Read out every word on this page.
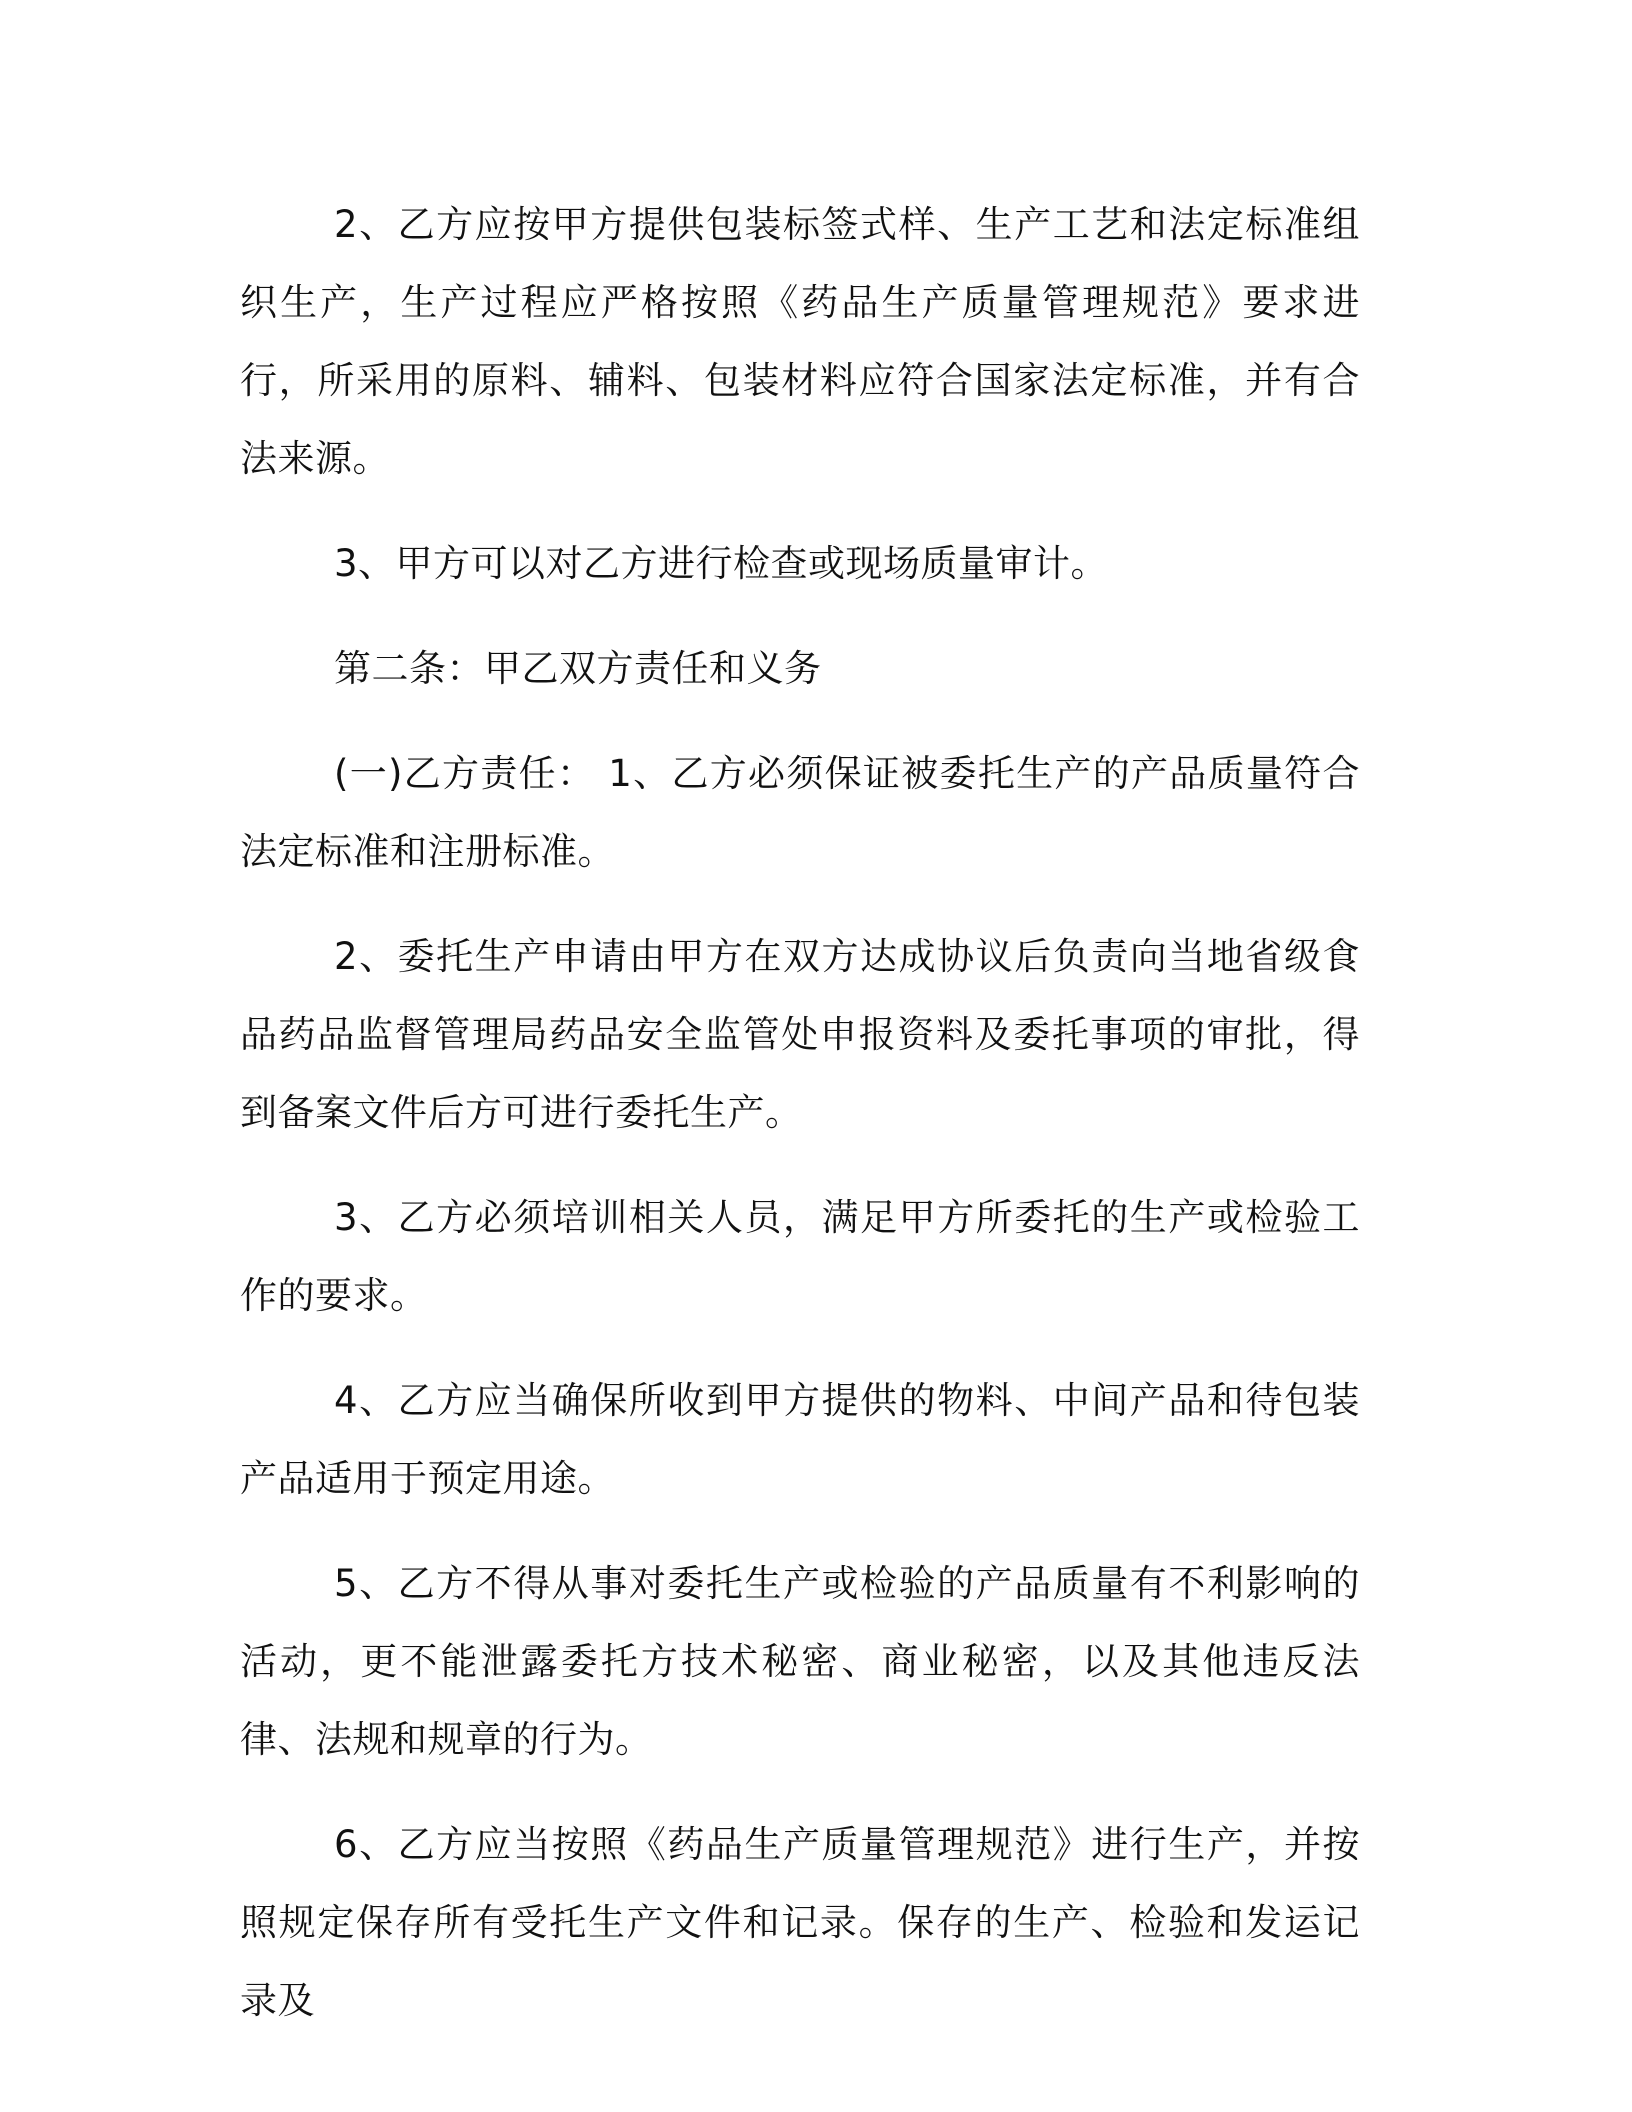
2、乙方应按甲方提供包装标签式样、生产工艺和法定标准组织生产，生产过程应严格按照《药品生产质量管理规范》要求进行，所采用的原料、辅料、包装材料应符合国家法定标准，并有合法来源。

3、甲方可以对乙方进行检查或现场质量审计。

第二条：甲乙双方责任和义务

(一)乙方责任： 1、乙方必须保证被委托生产的产品质量符合法定标准和注册标准。

2、委托生产申请由甲方在双方达成协议后负责向当地省级食品药品监督管理局药品安全监管处申报资料及委托事项的审批，得到备案文件后方可进行委托生产。

3、乙方必须培训相关人员，满足甲方所委托的生产或检验工作的要求。

4、乙方应当确保所收到甲方提供的物料、中间产品和待包装产品适用于预定用途。

5、乙方不得从事对委托生产或检验的产品质量有不利影响的活动，更不能泄露委托方技术秘密、商业秘密，以及其他违反法律、法规和规章的行为。

6、乙方应当按照《药品生产质量管理规范》进行生产，并按照规定保存所有受托生产文件和记录。保存的生产、检验和发运记录及
